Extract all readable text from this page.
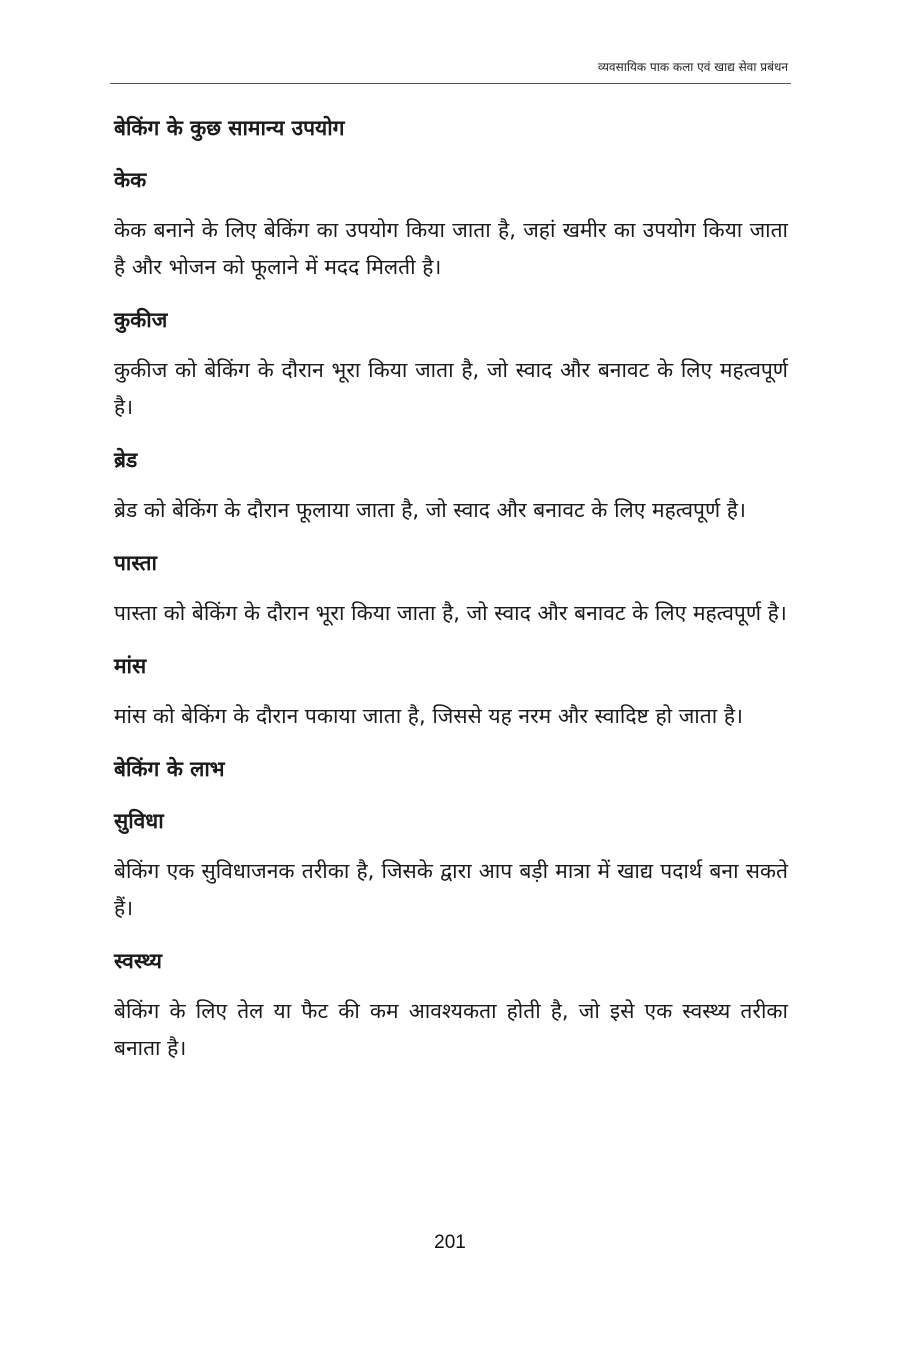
व्यवसायिक पाक कला एवं खाद्य सेवा प्रबंधन
बेकिंग के कुछ सामान्य उपयोग
केक

केक बनाने के लिए बेकिंग का उपयोग किया जाता है, जहां खमीर का उपयोग किया जाता है और भोजन को फूलाने में मदद मिलती है।

कुकीज

कुकीज को बेकिंग के दौरान भूरा किया जाता है, जो स्वाद और बनावट के लिए महत्वपूर्ण है।

ब्रेड

ब्रेड को बेकिंग के दौरान फूलाया जाता है, जो स्वाद और बनावट के लिए महत्वपूर्ण है।

पास्ता

पास्ता को बेकिंग के दौरान भूरा किया जाता है, जो स्वाद और बनावट के लिए महत्वपूर्ण है।

मांस

मांस को बेकिंग के दौरान पकाया जाता है, जिससे यह नरम और स्वादिष्ट हो जाता है।

बेकिंग के लाभ
सुविधा

बेकिंग एक सुविधाजनक तरीका है, जिसके द्वारा आप बड़ी मात्रा में खाद्य पदार्थ बना सकते हैं।

स्वस्थ्य

बेकिंग के लिए तेल या फैट की कम आवश्यकता होती है, जो इसे एक स्वस्थ्य तरीका बनाता है।

201
